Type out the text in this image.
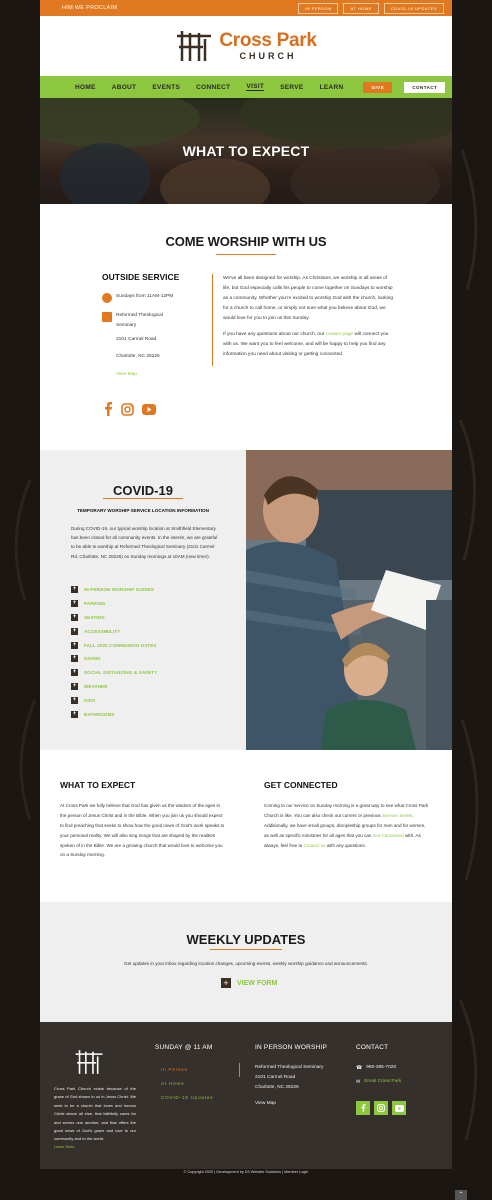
HIM WE PROCLAIM	IN PERSON	AT HOME	COVID-19 UPDATES
Cross Park
CHURCH
HOME ABOUT EVENTS CONNECT VISIT SERVE LEARN	GIVE	CONTACT
WHAT TO EXPECT
COME WORSHIP WITH US
OUTSIDE SERVICE
Sundays from 11AM-12PM
Reformed Theological
Seminary
2101 Carmel Road
Charlotte, NC 28226
View Map

We’ve all been designed for worship. As Christians, we worship in all areas of life, but God especially calls his people to come together on Sundays to worship as a community. Whether you’re excited to worship God with the church, looking for a church to call home, or simply not sure what you believe about God, we would love for you to join us this Sunday.

If you have any questions about our church, our contact page will connect you with us. We want you to feel welcome, and will be happy to help you find any information you need about visiting or getting connected.

COVID-19
TEMPORARY WORSHIP SERVICE LOCATION INFORMATION
During COVID-19, our typical worship location at Smithfield Elementary has been closed for all community events. In the interim, we are grateful to be able to worship at Reformed Theological Seminary (2101 Carmel Rd, Charlotte, NC 28226) on Sunday mornings at 10AM (new time!).
+	IN-PERSON WORSHIP GUIDES
+	PARKING
+	SEATING
+	ACCESSIBILITY
+	FALL 2020 COMMUNION DATES
+	GIVING
+	SOCIAL DISTANCING & SAFETY
+	WEATHER
+	KIDS
+	BATHROOMS
WHAT TO EXPECT

At Cross Park we fully believe that God has given us the wisdom of the ages in the person of Jesus Christ and in the Bible. When you join us you should expect to find preaching that seeks to show how the good news of God’s work speaks to your personal reality. We will also sing songs that are shaped by the realities spoken of in the Bible. We are a growing church that would love to welcome you on a Sunday morning.

GET CONNECTED

Coming to our service on Sunday morning is a great way to see what Cross Park Church is like. You can also check out current or previous Sermon Series. Additionally, we have small groups, discipleship groups for men and for women, as well as specific ministries for all ages that you can Get Connected with. As always, feel free to Contact us with any questions.

WEEKLY UPDATES

Get updates in your inbox regarding location changes, upcoming events, weekly worship guidance and announcements.

+	VIEW FORM
Cross Park Church exists because of the grace of God shown to us in Jesus Christ. We seek to be a church that loves and honors Christ above all else, that faithfully cares for and serves one another, and that offers the good news of God’s grace and love to our community and to the world.
Learn More
SUNDAY @ 11 AM
In Person
At Home
COVID-19 Updates
IN PERSON WORSHIP
Reformed Theological Seminary
2101 Carmel Road
Charlotte, NC 28226
View Map
CONTACT
☎ 980-285-7020
✉ Email Cross Park
© Copyright 2020 | Development by D3 Website Solutions | Member Login
⌃
